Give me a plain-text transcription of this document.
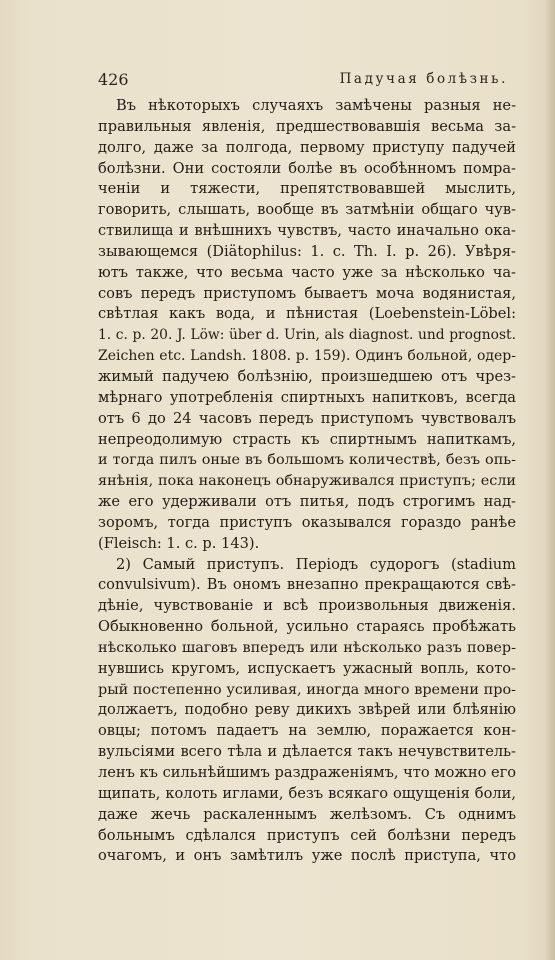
426	Падучая болѣзнь.
Въ нѣкоторыхъ случаяхъ замѣчены разныя не-
правильныя явленія, предшествовавшія весьма за-
долго, даже за полгода, первому приступу падучей
болѣзни. Они состояли болѣе въ особѣнномъ помра-
ченіи и тяжести, препятствовавшей мыслить,
говорить, слышать, вообще въ затмѣніи общаго чув-
ствилища и внѣшнихъ чувствъ, часто иначально ока-
зывающемся (Diätophilus: 1. c. Th. I. p. 26). Увѣря-
ютъ также, что весьма часто уже за нѣсколько ча-
совъ передъ приступомъ бываетъ моча водянистая,
свѣтлая какъ вода, и пѣнистая (Loebenstein-Löbel:
1. c. p. 20. J. Löw: über d. Urin, als diagnost. und prognost.
Zeichen etc. Landsh. 1808. p. 159). Одинъ больной, одер-
жимый падучею болѣзнію, произшедшею отъ чрез-
мѣрнаго употребленія спиртныхъ напитковъ, всегда
отъ 6 до 24 часовъ передъ приступомъ чувствовалъ
непреодолимую страсть къ спиртнымъ напиткамъ,
и тогда пилъ оные въ большомъ количествѣ, безъ опь-
янѣнія, пока наконецъ обнаруживался приступъ; если
же его удерживали отъ питья, подъ строгимъ над-
зоромъ, тогда приступъ оказывался гораздо ранѣе
(Fleisch: 1. c. p. 143).
2) Самый приступъ. Періодъ судорогъ (stadium
convulsivum). Въ ономъ внезапно прекращаются свѣ-
дѣніе, чувствованіе и всѣ произвольныя движенія.
Обыкновенно больной, усильно стараясь пробѣжать
нѣсколько шаговъ впередъ или нѣсколько разъ повер-
нувшись кругомъ, испускаетъ ужасный вопль, кото-
рый постепенно усиливая, иногда много времени про-
должаетъ, подобно реву дикихъ звѣрей или блѣянію
овцы; потомъ падаетъ на землю, поражается кон-
вульсіями всего тѣла и дѣлается такъ нечувствитель-
ленъ къ сильнѣйшимъ раздраженіямъ, что можно его
щипать, колоть иглами, безъ всякаго ощущенія боли,
даже жечь раскаленнымъ желѣзомъ. Съ однимъ
больнымъ сдѣлался приступъ сей болѣзни передъ
очагомъ, и онъ замѣтилъ уже послѣ приступа, что
